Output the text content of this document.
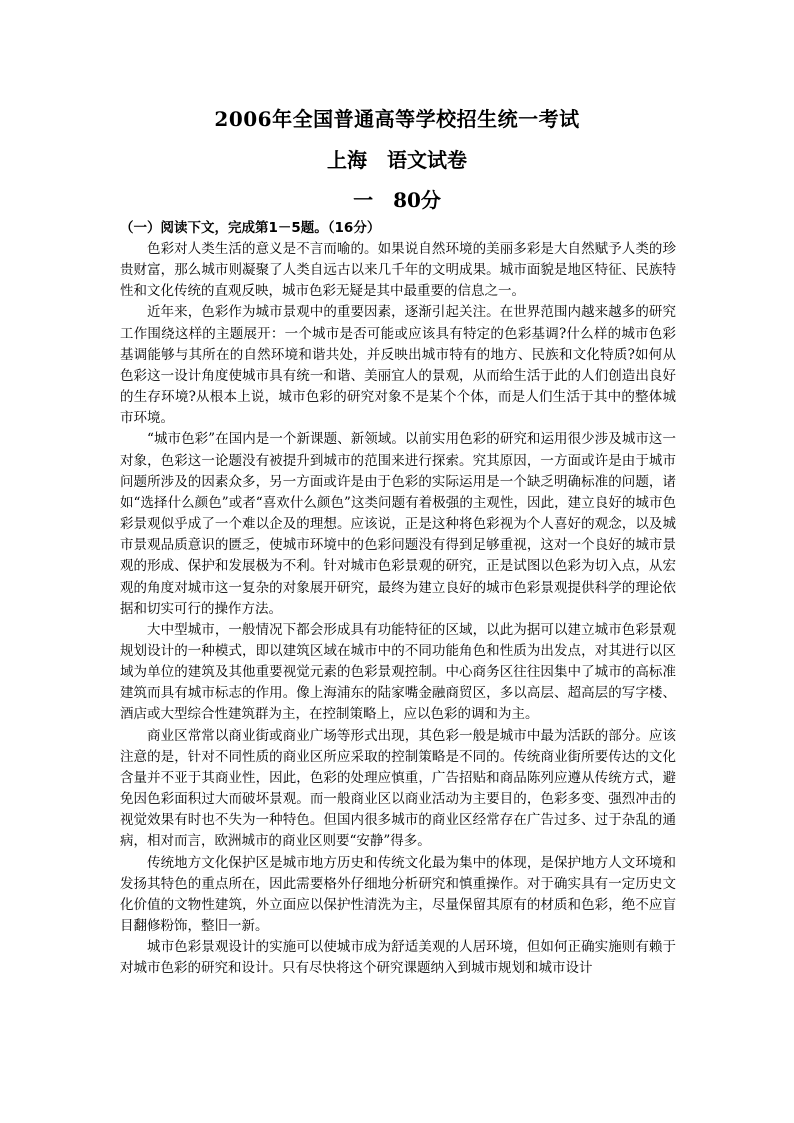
2006年全国普通高等学校招生统一考试
上海　语文试卷
一　80分
（一）阅读下文，完成第1－5题。（16分）

色彩对人类生活的意义是不言而喻的。如果说自然环境的美丽多彩是大自然赋予人类的珍贵财富，那么城市则凝聚了人类自远古以来几千年的文明成果。城市面貌是地区特征、民族特性和文化传统的直观反映，城市色彩无疑是其中最重要的信息之一。

近年来，色彩作为城市景观中的重要因素，逐渐引起关注。在世界范围内越来越多的研究工作围绕这样的主题展开：一个城市是否可能或应该具有特定的色彩基调?什么样的城市色彩基调能够与其所在的自然环境和谐共处，并反映出城市特有的地方、民族和文化特质?如何从色彩这一设计角度使城市具有统一和谐、美丽宜人的景观，从而给生活于此的人们创造出良好的生存环境?从根本上说，城市色彩的研究对象不是某个个体，而是人们生活于其中的整体城市环境。

“城市色彩”在国内是一个新课题、新领域。以前实用色彩的研究和运用很少涉及城市这一对象，色彩这一论题没有被提升到城市的范围来进行探索。究其原因，一方面或许是由于城市问题所涉及的因素众多，另一方面或许是由于色彩的实际运用是一个缺乏明确标准的问题，诸如“选择什么颜色”或者“喜欢什么颜色”这类问题有着极强的主观性，因此，建立良好的城市色彩景观似乎成了一个难以企及的理想。应该说，正是这种将色彩视为个人喜好的观念，以及城市景观品质意识的匮乏，使城市环境中的色彩问题没有得到足够重视，这对一个良好的城市景观的形成、保护和发展极为不利。针对城市色彩景观的研究，正是试图以色彩为切入点，从宏观的角度对城市这一复杂的对象展开研究，最终为建立良好的城市色彩景观提供科学的理论依据和切实可行的操作方法。

大中型城市，一般情况下都会形成具有功能特征的区域，以此为据可以建立城市色彩景观规划设计的一种模式，即以建筑区域在城市中的不同功能角色和性质为出发点，对其进行以区域为单位的建筑及其他重要视觉元素的色彩景观控制。中心商务区往往因集中了城市的高标准建筑而具有城市标志的作用。像上海浦东的陆家嘴金融商贸区，多以高层、超高层的写字楼、酒店或大型综合性建筑群为主，在控制策略上，应以色彩的调和为主。

商业区常常以商业街或商业广场等形式出现，其色彩一般是城市中最为活跃的部分。应该注意的是，针对不同性质的商业区所应采取的控制策略是不同的。传统商业街所要传达的文化含量并不亚于其商业性，因此，色彩的处理应慎重，广告招贴和商品陈列应遵从传统方式，避免因色彩面积过大而破坏景观。而一般商业区以商业活动为主要目的，色彩多变、强烈冲击的视觉效果有时也不失为一种特色。但国内很多城市的商业区经常存在广告过多、过于杂乱的通病，相对而言，欧洲城市的商业区则要“安静”得多。

传统地方文化保护区是城市地方历史和传统文化最为集中的体现，是保护地方人文环境和发扬其特色的重点所在，因此需要格外仔细地分析研究和慎重操作。对于确实具有一定历史文化价值的文物性建筑，外立面应以保护性清洗为主，尽量保留其原有的材质和色彩，绝不应盲目翻修粉饰，整旧一新。

城市色彩景观设计的实施可以使城市成为舒适美观的人居环境，但如何正确实施则有赖于对城市色彩的研究和设计。只有尽快将这个研究课题纳入到城市规划和城市设计
